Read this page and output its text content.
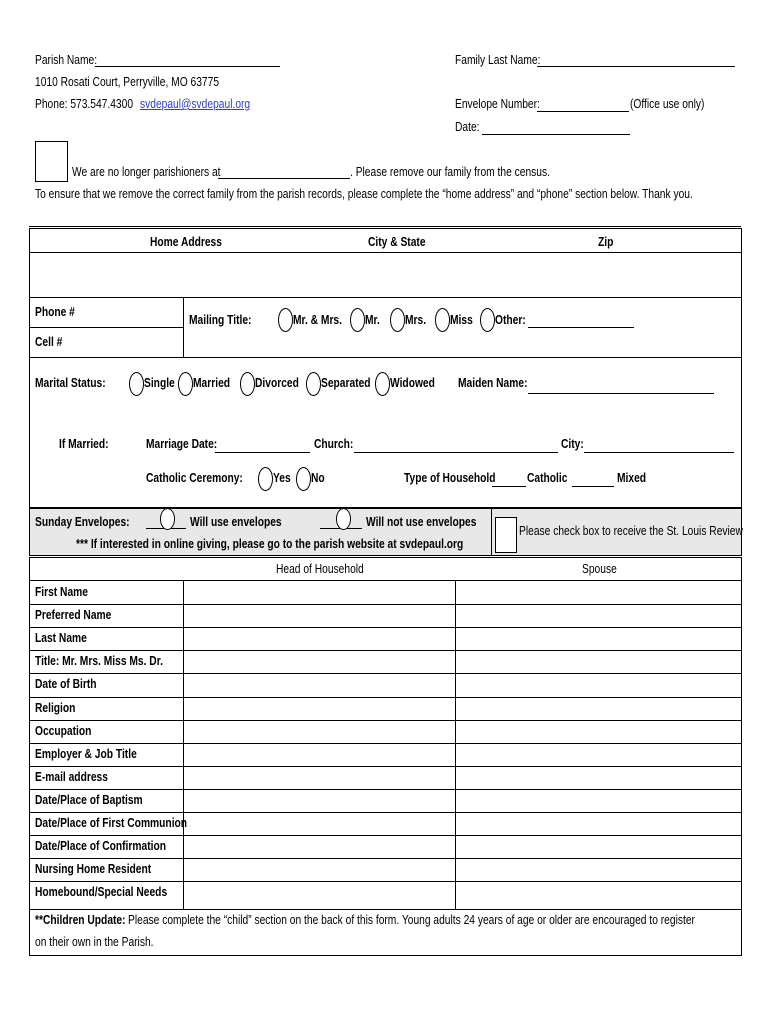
Parish Name:
1010 Rosati Court, Perryville, MO 63775
Phone: 573.547.4300 svdepaul@svdepaul.org
Family Last Name:
Envelope Number:	(Office use only)
Date:
We are no longer parishioners at	. Please remove our family from the census.
To ensure that we remove the correct family from the parish records, please complete the “home address” and “phone” section below. Thank you.
Home Address	City & State	Zip
Phone #
Cell #
Mailing Title:	Mr. & Mrs. Mr. Mrs. Miss Other:
Marital Status:	Single Married Divorced Separated Widowed Maiden Name:
If Married:	Marriage Date:	Church:	City:
Catholic Ceremony: Yes No	Type of Household	Catholic	Mixed
Sunday Envelopes:	Will use envelopes	Will not use envelopes
*** If interested in online giving, please go to the parish website at svdepaul.org
Please check box to receive the St. Louis Review
Head of Household	Spouse
First Name
Preferred Name
Last Name
Title: Mr. Mrs. Miss Ms. Dr.
Date of Birth
Religion
Occupation
Employer & Job Title
E-mail address
Date/Place of Baptism
Date/Place of First Communion
Date/Place of Confirmation
Nursing Home Resident
Homebound/Special Needs
**Children Update: Please complete the “child” section on the back of this form. Young adults 24 years of age or older are encouraged to register
on their own in the Parish.
